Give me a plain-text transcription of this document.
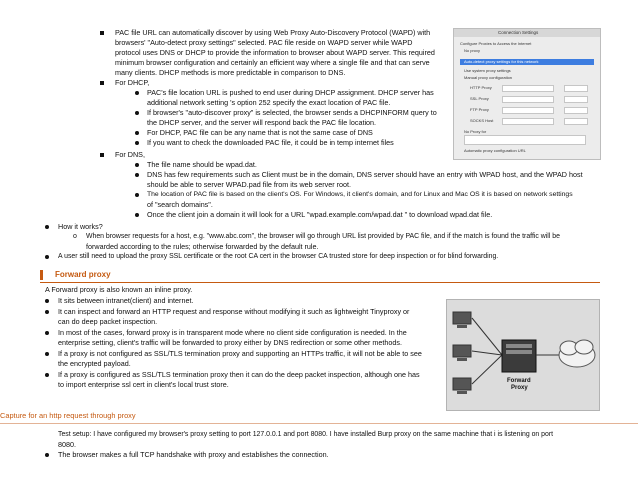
PAC file URL can automatically discover by using Web Proxy Auto-Discovery Protocol (WAPD) with
browsers' "Auto-detect proxy settings" selected. PAC file reside on WAPD server while WAPD
protocol uses DNS or DHCP to provide the information to browser about WAPD server. This required
minimum browser configuration and certainly an efficient way where a single file and that can serve
many clients. DHCP methods is more predictable in comparison to DNS.
For DHCP,
PAC's file location URL is pushed to end user during DHCP assignment. DHCP server has
additional network setting 's option 252 specify the exact location of PAC file.
If browser's "auto-discover proxy" is selected, the browser sends a DHCPINFORM query to
the DHCP server, and the server will respond back the PAC file location.
For DHCP, PAC file can be any name that is not the same case of DNS
If you want to check the downloaded PAC file, it could be in temp internet files
For DNS,
The file name should be wpad.dat.
DNS has few requirements such as Client must be in the domain, DNS server should have an entry with WPAD host, and the WPAD host
should be able to server WPAD.pad file from its web server root.
The location of PAC file is based on the client's OS. For Windows, it client's domain, and for Linux and Mac OS it is based on network settings
of "search domains".
Once the client join a domain it will look for a URL "wpad.example.com/wpad.dat " to download wpad.dat file.
How it works?
o When browser requests for a host, e.g. "www.abc.com", the browser will go through URL list provided by PAC file, and if the match is found the traffic will be
forwarded according to the rules; otherwise forwarded by the default rule.
A user still need to upload the proxy SSL certificate or the root CA cert in the browser CA trusted store for deep inspection or for blind forwarding.
Forward proxy
A Forward proxy is also known an inline proxy.
It sits between intranet(client) and internet.
It can inspect and forward an HTTP request and response without modifying it such as lightweight Tinyproxy or
can do deep packet inspection.
In most of the cases, forward proxy is in transparent mode where no client side configuration is needed. In the
enterprise setting, client's traffic will be forwarded to proxy either by DNS redirection or some other methods.
If a proxy is not configured as SSL/TLS termination proxy and supporting an HTTPs traffic, it will not be able to see
the encrypted payload.
If a proxy is configured as SSL/TLS termination proxy then it can do the deep packet inspection, although one has
to import enterprise ssl cert in client's local trust store.
Capture for an http request through proxy
Test setup: I have configured my browser's proxy setting to port 127.0.0.1 and port 8080. I have installed Burp proxy on the same machine that i is listening on port
8080.
The browser makes a full TCP handshake with proxy and establishes the connection.
Connection Settings
Configure Proxies to Access the Internet
No proxy
Auto-detect proxy settings for this network
Use system proxy settings
Manual proxy configuration
HTTP Proxy
SSL Proxy
FTP Proxy
SOCKS Host
No Proxy for
Automatic proxy configuration URL
Forward
Proxy
